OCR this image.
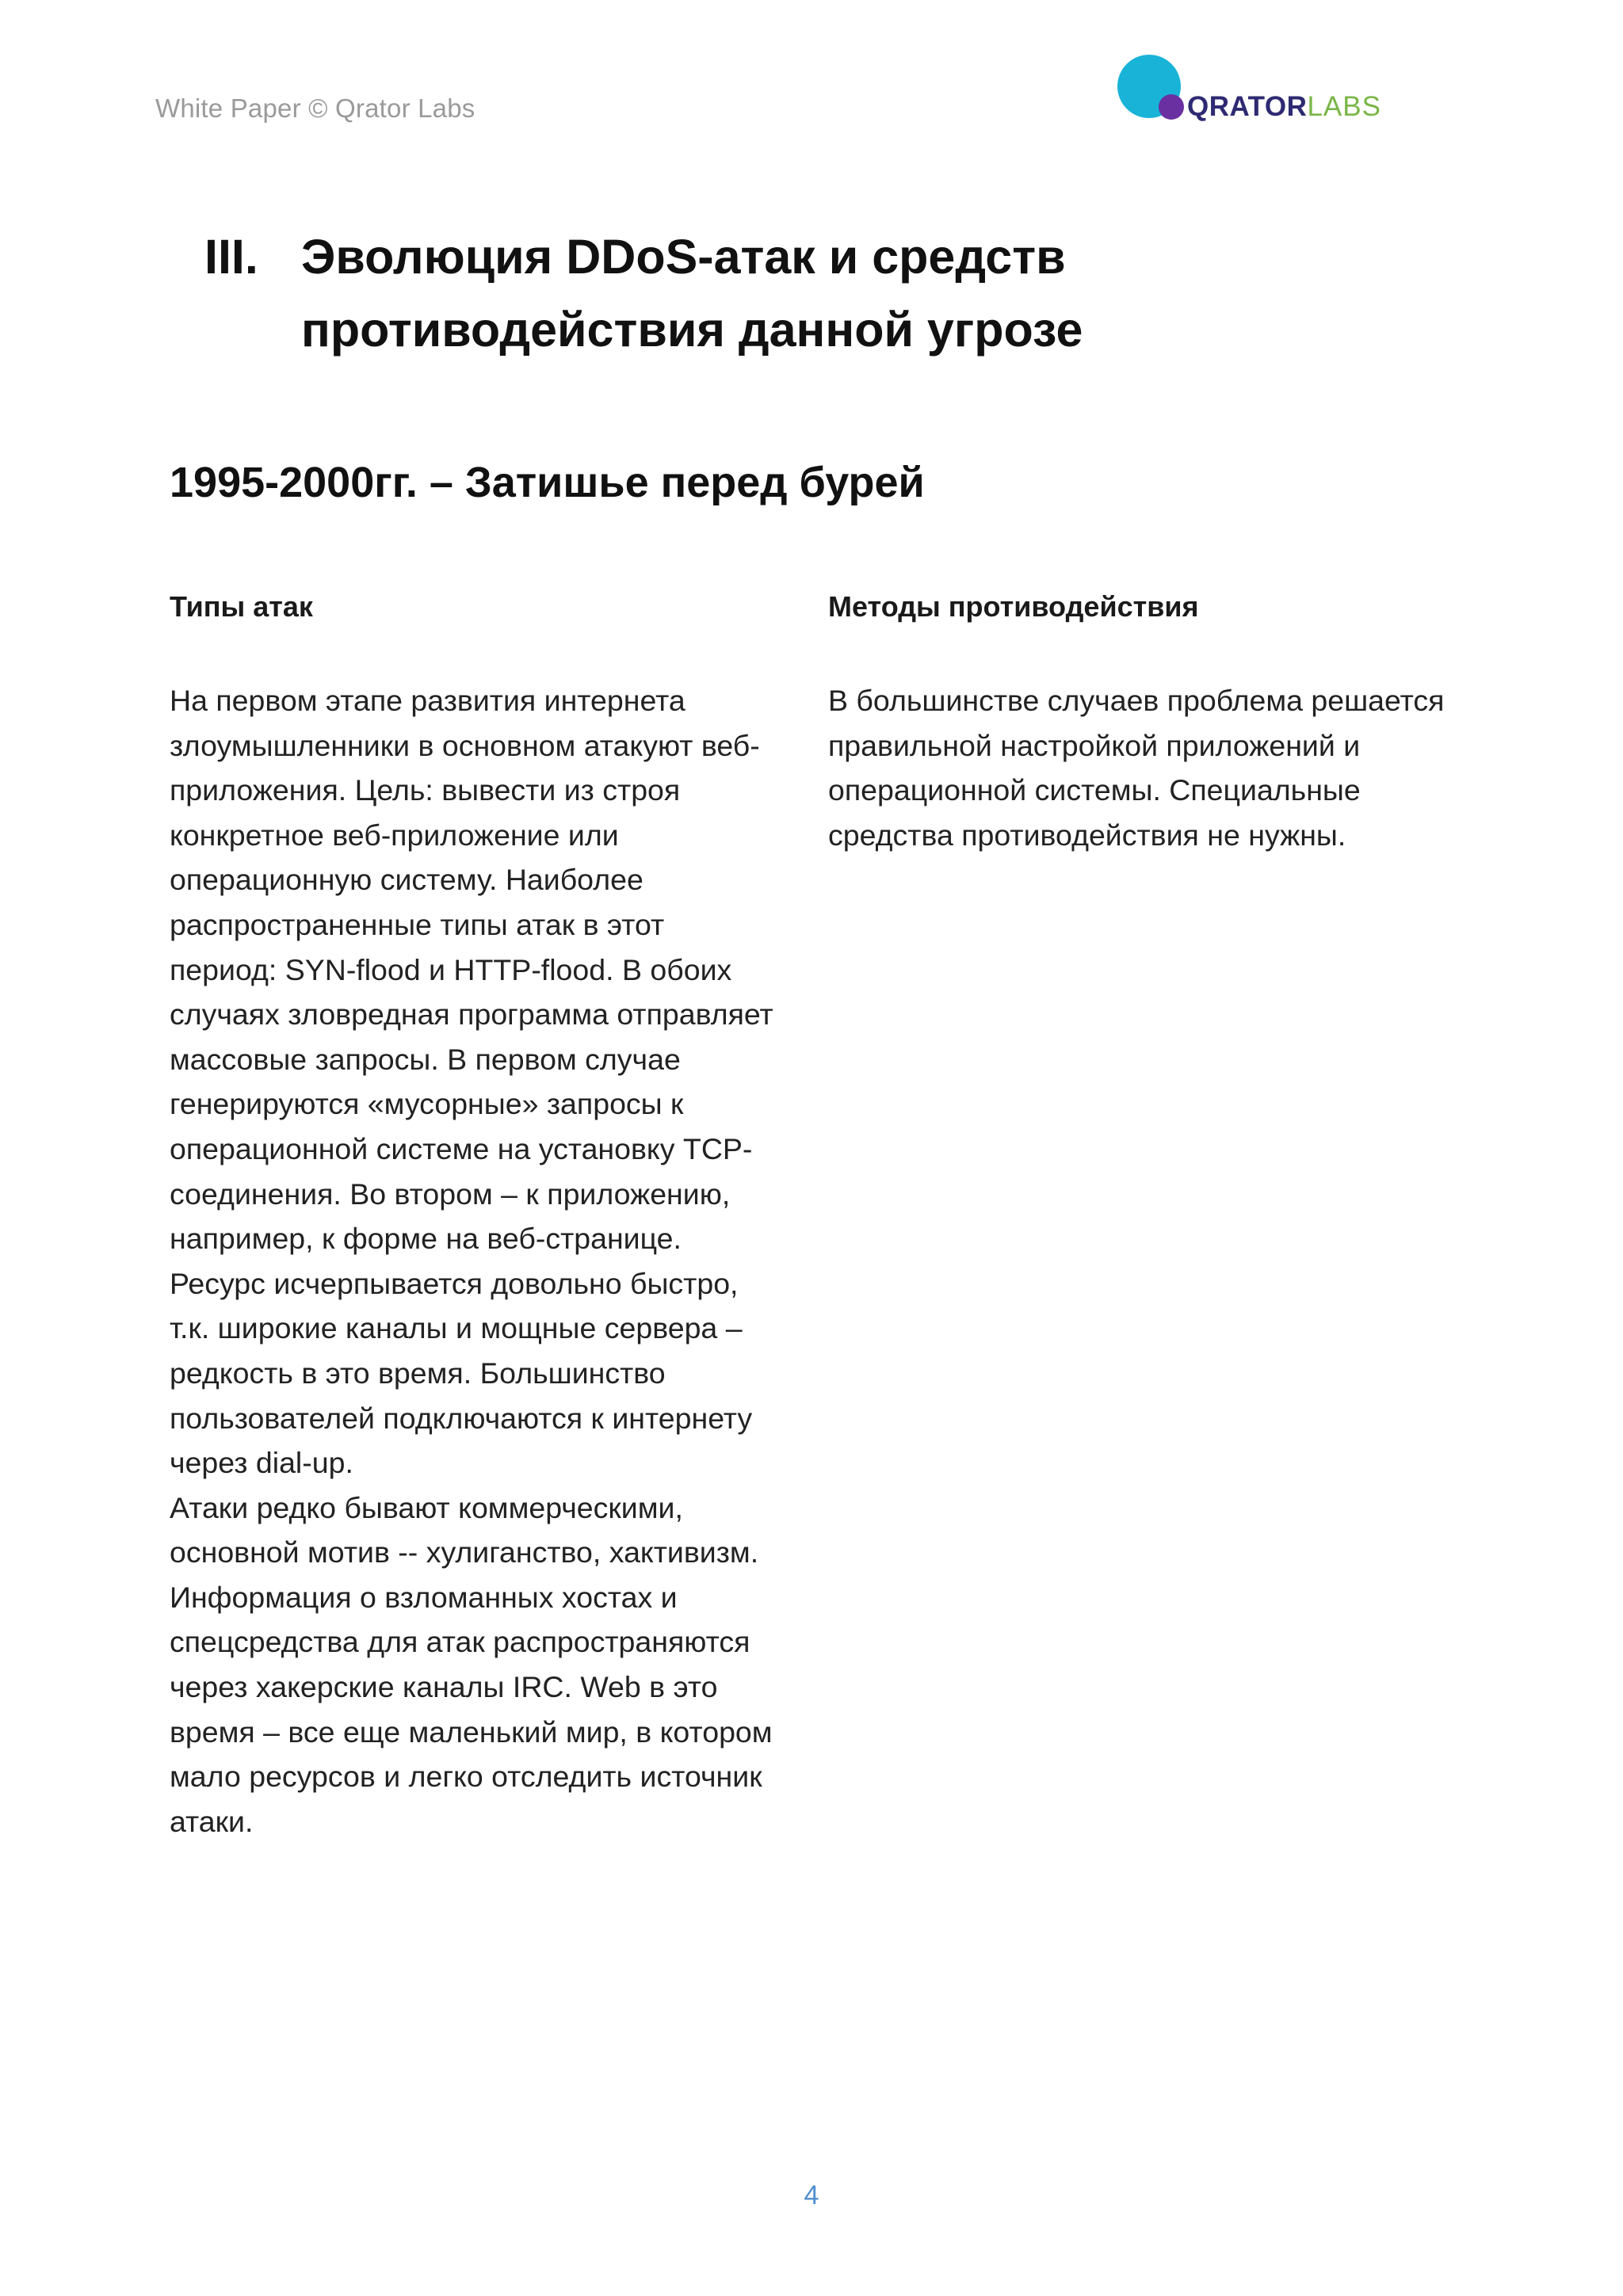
White Paper © Qrator Labs	QRATORLABS
III. Эволюция DDoS-атак и средств
противодействия данной угрозе
1995-2000гг. – Затишье перед бурей
Типы атак	Методы противодействия

На первом этапе развития интернета

злоумышленники в основном атакуют веб-

приложения. Цель: вывести из строя

конкретное веб-приложение или

операционную систему. Наиболее

распространенные типы атак в этот

период: SYN-flood и HTTP-flood. В обоих

случаях зловредная программа отправляет

массовые запросы. В первом случае

генерируются «мусорные» запросы к

операционной системе на установку TCP-

соединения. Во втором – к приложению,

например, к форме на веб-странице.

Ресурс исчерпывается довольно быстро,

т.к. широкие каналы и мощные сервера –

редкость в это время. Большинство

пользователей подключаются к интернету

через dial-up.

Атаки редко бывают коммерческими,

основной мотив -- хулиганство, хактивизм.

Информация о взломанных хостах и

спецсредства для атак распространяются

через хакерские каналы IRC. Web в это

время – все еще маленький мир, в котором

мало ресурсов и легко отследить источник

атаки.

В большинстве случаев проблема решается

правильной настройкой приложений и

операционной системы. Специальные

средства противодействия не нужны.

4
